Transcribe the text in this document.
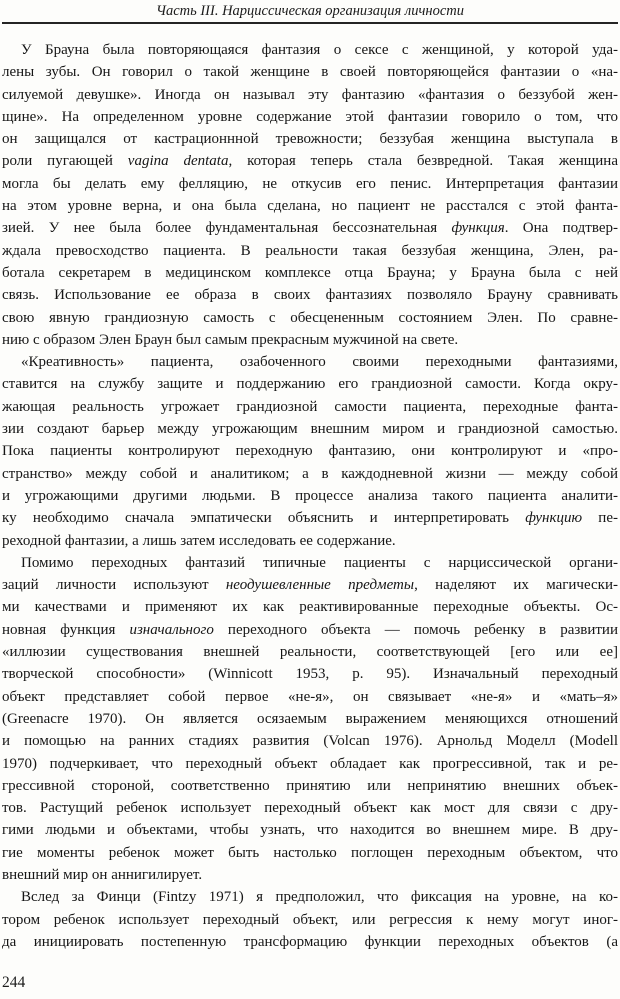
Часть III. Нарциссическая организация личности
У Брауна была повторяющаяся фантазия о сексе с женщиной, у которой уда-
лены зубы. Он говорил о такой женщине в своей повторяющейся фантазии о «на-
силуемой девушке». Иногда он называл эту фантазию «фантазия о беззубой жен-
щине». На определенном уровне содержание этой фантазии говорило о том, что
он защищался от кастрационнной тревожности; беззубая женщина выступала в
роли пугающей vagina dentata, которая теперь стала безвредной. Такая женщина
могла бы делать ему фелляцию, не откусив его пенис. Интерпретация фантазии
на этом уровне верна, и она была сделана, но пациент не расстался с этой фанта-
зией. У нее была более фундаментальная бессознательная функция. Она подтвер-
ждала превосходство пациента. В реальности такая беззубая женщина, Элен, ра-
ботала секретарем в медицинском комплексе отца Брауна; у Брауна была с ней
связь. Использование ее образа в своих фантазиях позволяло Брауну сравнивать
свою явную грандиозную самость с обесцененным состоянием Элен. По сравне-
нию с образом Элен Браун был самым прекрасным мужчиной на свете.
«Креативность» пациента, озабоченного своими переходными фантазиями,
ставится на службу защите и поддержанию его грандиозной самости. Когда окру-
жающая реальность угрожает грандиозной самости пациента, переходные фанта-
зии создают барьер между угрожающим внешним миром и грандиозной самостью.
Пока пациенты контролируют переходную фантазию, они контролируют и «про-
странство» между собой и аналитиком; а в каждодневной жизни — между собой
и угрожающими другими людьми. В процессе анализа такого пациента аналити-
ку необходимо сначала эмпатически объяснить и интерпретировать функцию пе-
реходной фантазии, а лишь затем исследовать ее содержание.
Помимо переходных фантазий типичные пациенты с нарциссической органи-
заций личности используют неодушевленные предметы, наделяют их магически-
ми качествами и применяют их как реактивированные переходные объекты. Ос-
новная функция изначального переходного объекта — помочь ребенку в развитии
«иллюзии существования внешней реальности, соответствующей [его или ее]
творческой способности» (Winnicott 1953, p. 95). Изначальный переходный
объект представляет собой первое «не-я», он связывает «не-я» и «мать–я»
(Greenacre 1970). Он является осязаемым выражением меняющихся отношений
и помощью на ранних стадиях развития (Volcan 1976). Арнольд Моделл (Modell
1970) подчеркивает, что переходный объект обладает как прогрессивной, так и ре-
грессивной стороной, соответственно принятию или непринятию внешних объек-
тов. Растущий ребенок использует переходный объект как мост для связи с дру-
гими людьми и объектами, чтобы узнать, что находится во внешнем мире. В дру-
гие моменты ребенок может быть настолько поглощен переходным объектом, что
внешний мир он аннигилирует.
Вслед за Финци (Fintzy 1971) я предположил, что фиксация на уровне, на ко-
тором ребенок использует переходный объект, или регрессия к нему могут иног-
да инициировать постепенную трансформацию функции переходных объектов (а
244
